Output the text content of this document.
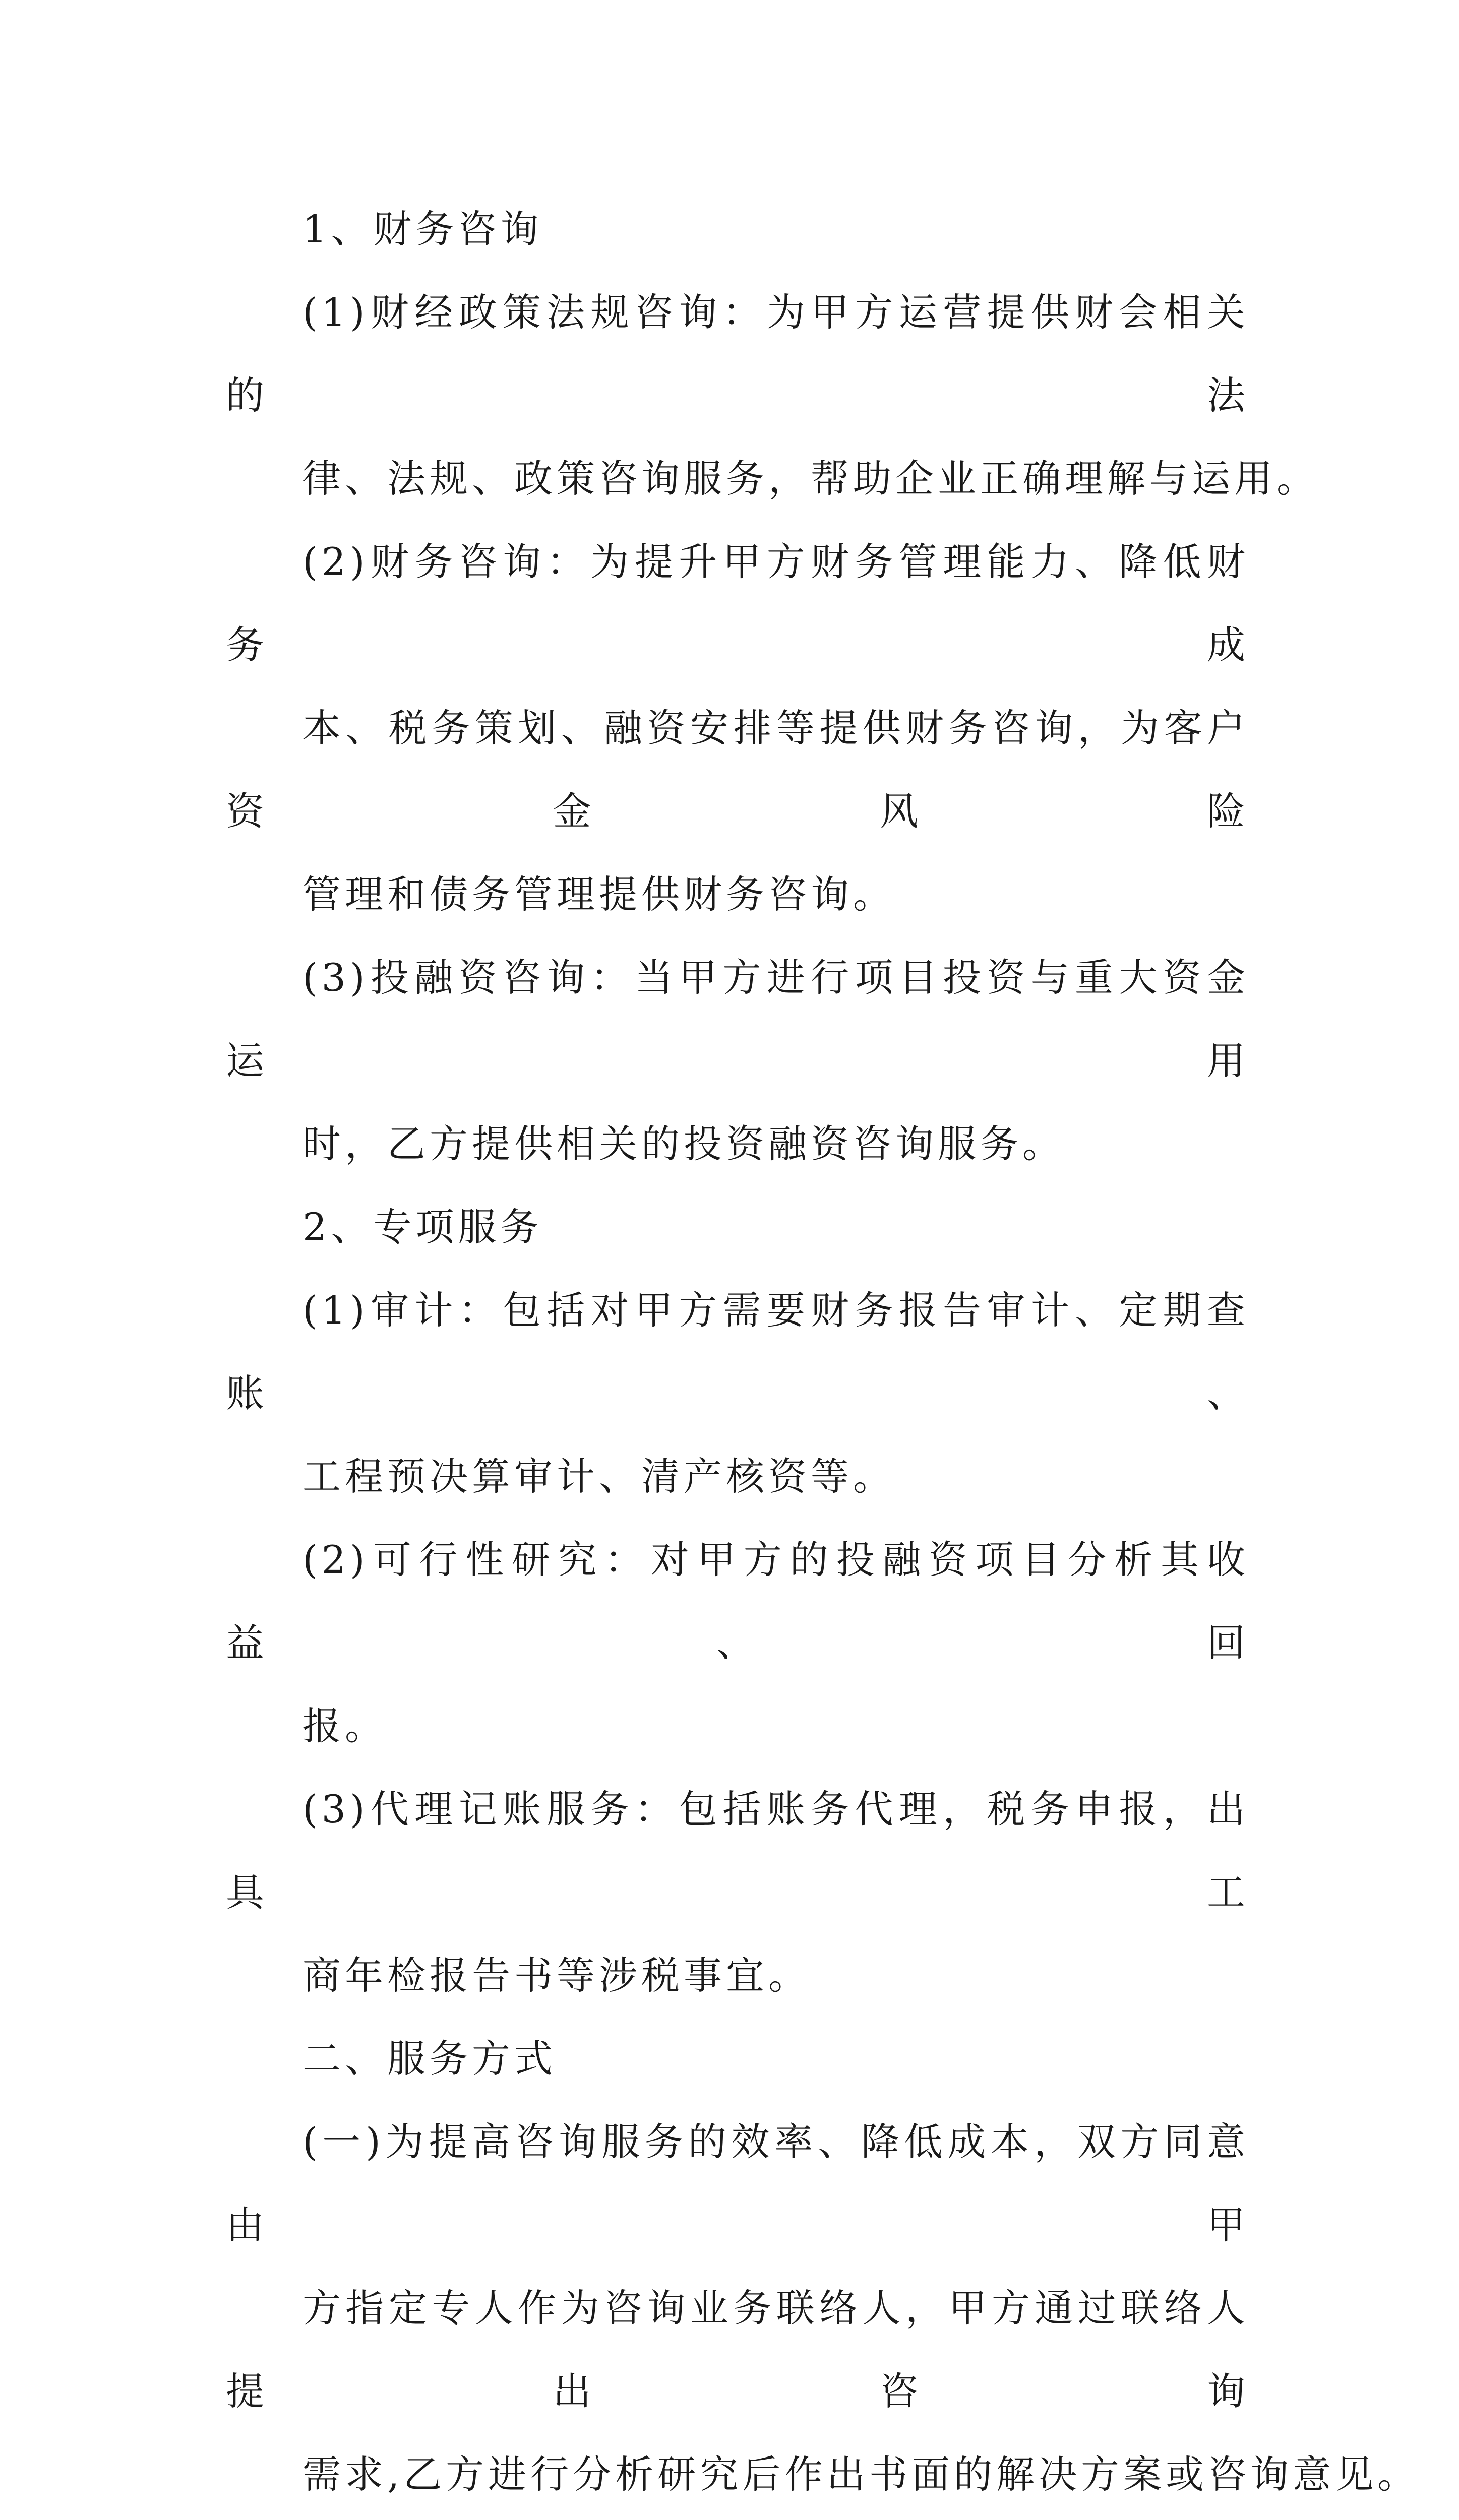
1、财务咨询

(1)财经政策法规咨询：为甲方运营提供财会相关的法
律、法规、政策咨询服务，帮助企业正确理解与运用。

(2)财务咨询：为提升甲方财务管理能力、降低财务成
本、税务策划、融资安排等提供财务咨询，为客户资金风险
管理和债务管理提供财务咨询。

(3)投融资咨询：当甲方进行项目投资与重大资金运用
时，乙方提供相关的投资融资咨询服务。

2、专项服务

(1)审计：包括对甲方需要财务报告审计、定期查账、
工程预决算审计、清产核资等。

(2)可行性研究：对甲方的投融资项目分析其收益、回
报。

(3)代理记账服务：包括账务代理，税务申报，出具工
商年检报告书等涉税事宜。

二、服务方式

(一)为提高咨询服务的效率、降低成本，双方同意由甲
方指定专人作为咨询业务联络人，甲方通过联络人提出咨询
需求,乙方进行分析研究后作出书面的解决方案或咨询意见。
